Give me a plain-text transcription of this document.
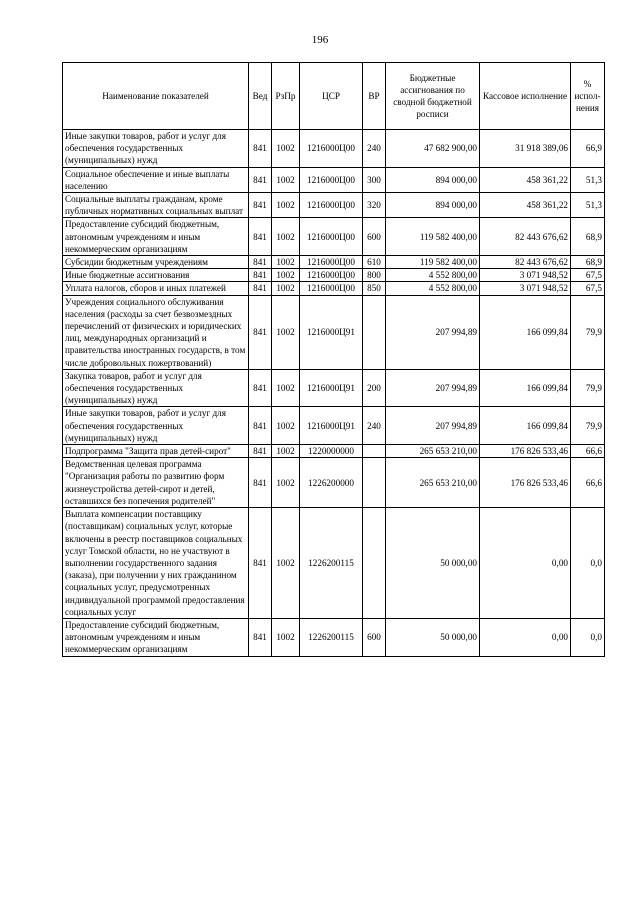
196
Наименование показателей	Вед	РзПр	ЦСР	ВР	Бюджетные ассигнования по сводной бюджетной росписи	Кассовое исполнение	% испол-нения
Иные закупки товаров, работ и услуг для обеспечения государственных (муниципальных) нужд	841	1002	1216000Ц00	240	47 682 900,00	31 918 389,06	66,9
Социальное обеспечение и иные выплаты населению	841	1002	1216000Ц00	300	894 000,00	458 361,22	51,3
Социальные выплаты гражданам, кроме публичных нормативных социальных выплат	841	1002	1216000Ц00	320	894 000,00	458 361,22	51,3
Предоставление субсидий бюджетным, автономным учреждениям и иным некоммерческим организациям	841	1002	1216000Ц00	600	119 582 400,00	82 443 676,62	68,9
Субсидии бюджетным учреждениям	841	1002	1216000Ц00	610	119 582 400,00	82 443 676,62	68,9
Иные бюджетные ассигнования	841	1002	1216000Ц00	800	4 552 800,00	3 071 948,52	67,5
Уплата налогов, сборов и иных платежей	841	1002	1216000Ц00	850	4 552 800,00	3 071 948,52	67,5
Учреждения социального обслуживания населения (расходы за счет безвозмездных перечислений от физических и юридических лиц, международных организаций и правительства иностранных государств, в том числе добровольных пожертвований)	841	1002	1216000Ц91		207 994,89	166 099,84	79,9
Закупка товаров, работ и услуг для обеспечения государственных (муниципальных) нужд	841	1002	1216000Ц91	200	207 994,89	166 099,84	79,9
Иные закупки товаров, работ и услуг для обеспечения государственных (муниципальных) нужд	841	1002	1216000Ц91	240	207 994,89	166 099,84	79,9
Подпрограмма "Защита прав детей-сирот"	841	1002	1220000000		265 653 210,00	176 826 533,46	66,6
Ведомственная целевая программа "Организация работы по развитию форм жизнеустройства детей-сирот и детей, оставшихся без попечения родителей"	841	1002	1226200000		265 653 210,00	176 826 533,46	66,6
Выплата компенсации поставщику (поставщикам) социальных услуг, которые включены в реестр поставщиков социальных услуг Томской области, но не участвуют в выполнении государственного задания (заказа), при получении у них гражданином социальных услуг, предусмотренных индивидуальной программой предоставления социальных услуг	841	1002	1226200115		50 000,00	0,00	0,0
Предоставление субсидий бюджетным, автономным учреждениям и иным некоммерческим организациям	841	1002	1226200115	600	50 000,00	0,00	0,0
